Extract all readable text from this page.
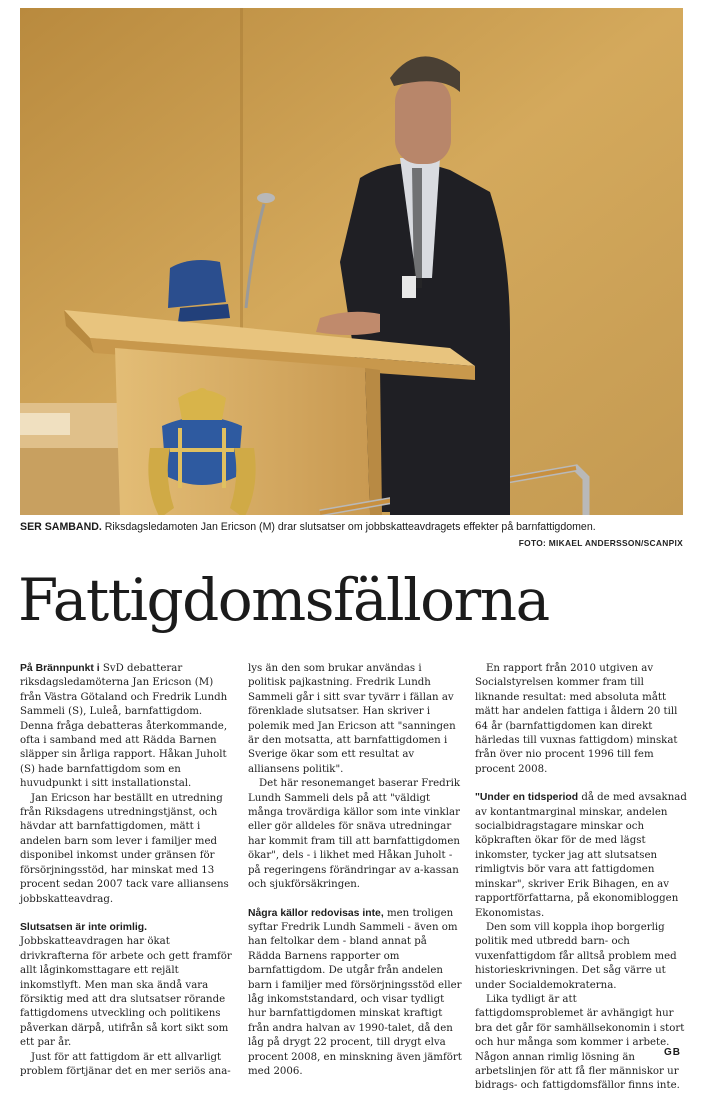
SER SAMBAND. Riksdagsledamoten Jan Ericson (M) drar slutsatser om jobbskatteavdragets effekter på barnfattigdomen.
FOTO: MIKAEL ANDERSSON/SCANPIX
Fattigdomsfällorna

På Brännpunkt i SvD debatterar riksdagsledamöterna Jan Ericson (M) från Västra Götaland och Fredrik Lundh Sammeli (S), Luleå, barnfattigdom. Denna fråga debatteras återkommande, ofta i samband med att Rädda Barnen släpper sin årliga rapport. Håkan Juholt (S) hade barnfattigdom som en huvudpunkt i sitt installationstal.

Jan Ericson har beställt en utredning från Riksdagens utredningstjänst, och hävdar att barnfattigdomen, mätt i andelen barn som lever i familjer med disponibel inkomst under gränsen för försörjningsstöd, har minskat med 13 procent sedan 2007 tack vare alliansens jobbskatteavdrag.

Slutsatsen är inte orimlig. Jobbskatteavdragen har ökat drivkrafterna för arbete och gett framför allt låginkomsttagare ett rejält inkomstlyft. Men man ska ändå vara försiktig med att dra slutsatser rörande fattigdomens utveckling och politikens påverkan därpå, utifrån så kort sikt som ett par år.

Just för att fattigdom är ett allvarligt problem förtjänar det en mer seriös ana-

lys än den som brukar användas i politisk pajkastning. Fredrik Lundh Sammeli går i sitt svar tyvärr i fällan av förenklade slutsatser. Han skriver i polemik med Jan Ericson att "sanningen är den motsatta, att barnfattigdomen i Sverige ökar som ett resultat av alliansens politik".

Det här resonemanget baserar Fredrik Lundh Sammeli dels på att "väldigt många trovärdiga källor som inte vinklar eller gör alldeles för snäva utredningar har kommit fram till att barnfattigdomen ökar", dels - i likhet med Håkan Juholt - på regeringens förändringar av a-kassan och sjukförsäkringen.

Några källor redovisas inte, men troligen syftar Fredrik Lundh Sammeli - även om han feltolkar dem - bland annat på Rädda Barnens rapporter om barnfattigdom. De utgår från andelen barn i familjer med försörjningsstöd eller låg inkomststandard, och visar tydligt hur barnfattigdomen minskat kraftigt från andra halvan av 1990-talet, då den låg på drygt 22 procent, till drygt elva procent 2008, en minskning även jämfört med 2006.

En rapport från 2010 utgiven av Socialstyrelsen kommer fram till liknande resultat: med absoluta mått mätt har andelen fattiga i åldern 20 till 64 år (barnfattigdomen kan direkt härledas till vuxnas fattigdom) minskat från över nio procent 1996 till fem procent 2008.

"Under en tidsperiod då de med avsaknad av kontantmarginal minskar, andelen socialbidragstagare minskar och köpkraften ökar för de med lägst inkomster, tycker jag att slutsatsen rimligtvis bör vara att fattigdomen minskar", skriver Erik Bihagen, en av rapportförfattarna, på ekonomibloggen Ekonomistas.

Den som vill koppla ihop borgerlig politik med utbredd barn- och vuxenfattigdom får alltså problem med historieskrivningen. Det såg värre ut under Socialdemokraterna.

Lika tydligt är att fattigdomsproblemet är avhängigt hur bra det går för samhällsekonomin i stort och hur många som kommer i arbete. Någon annan rimlig lösning än arbetslinjen för att få fler människor ur bidrags- och fattigdomsfällor finns inte.

GB
